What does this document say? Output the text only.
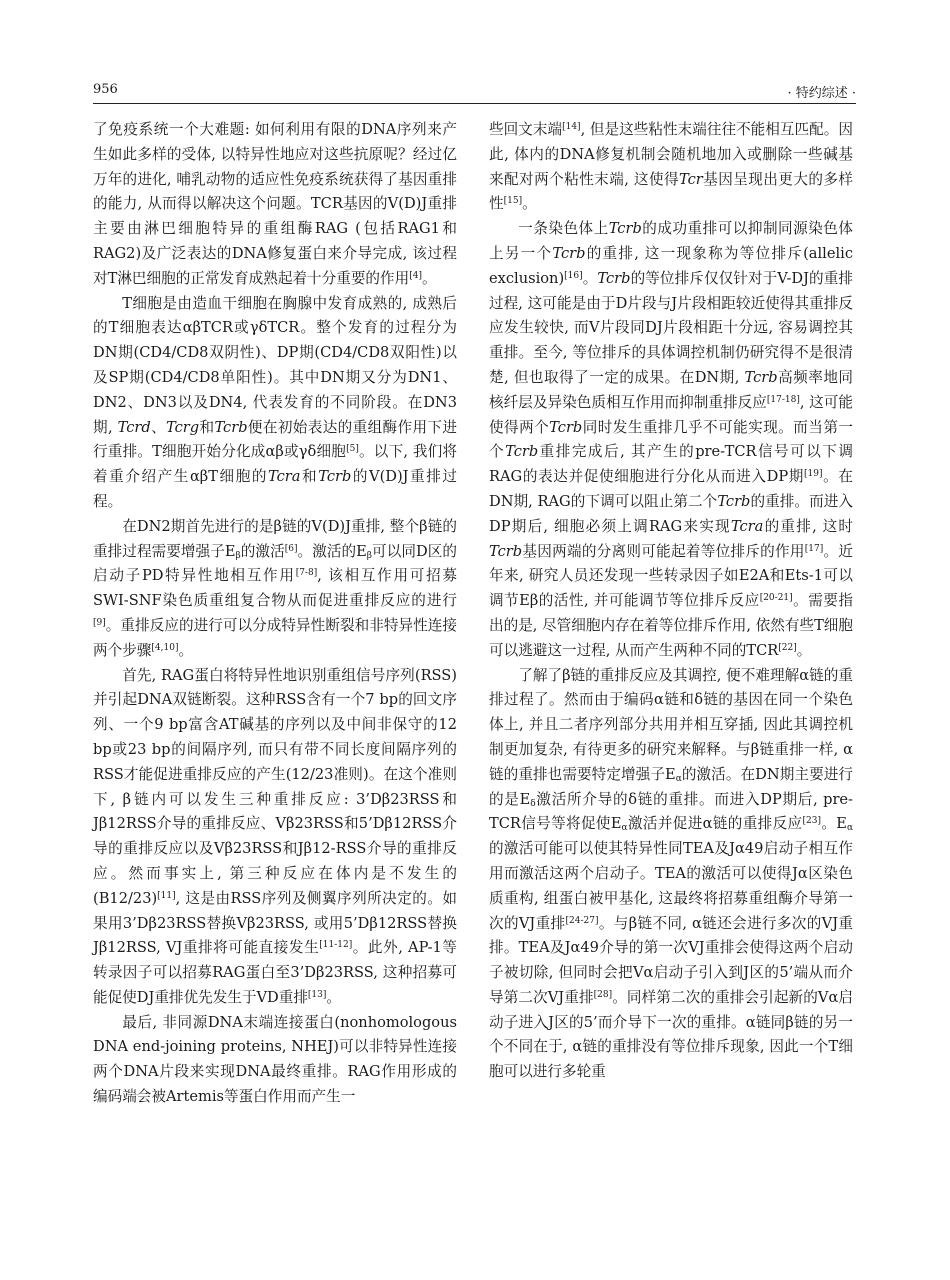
956	· 特约综述 ·

了免疫系统一个大难题: 如何利用有限的DNA序列来产生如此多样的受体, 以特异性地应对这些抗原呢？经过亿万年的进化, 哺乳动物的适应性免疫系统获得了基因重排的能力, 从而得以解决这个问题。TCR基因的V(D)J重排主要由淋巴细胞特异的重组酶RAG (包括RAG1和RAG2)及广泛表达的DNA修复蛋白来介导完成, 该过程对T淋巴细胞的正常发育成熟起着十分重要的作用[4]。

T细胞是由造血干细胞在胸腺中发育成熟的, 成熟后的T细胞表达αβTCR或γδTCR。整个发育的过程分为DN期(CD4/CD8双阴性)、DP期(CD4/CD8双阳性)以及SP期(CD4/CD8单阳性)。其中DN期又分为DN1、DN2、DN3以及DN4, 代表发育的不同阶段。在DN3期, Tcrd、Tcrg和Tcrb便在初始表达的重组酶作用下进行重排。T细胞开始分化成αβ或γδ细胞[5]。以下, 我们将着重介绍产生αβT细胞的Tcra和Tcrb的V(D)J重排过程。

在DN2期首先进行的是β链的V(D)J重排, 整个β链的重排过程需要增强子$E_\beta$的激活[6]。激活的$E_\beta$可以同D区的启动子PD特异性地相互作用[7-8], 该相互作用可招募SWI-SNF染色质重组复合物从而促进重排反应的进行[9]。重排反应的进行可以分成特异性断裂和非特异性连接两个步骤[4,10]。

首先, RAG蛋白将特异性地识别重组信号序列(RSS)并引起DNA双链断裂。这种RSS含有一个7 bp的回文序列、一个9 bp富含AT碱基的序列以及中间非保守的12 bp或23 bp的间隔序列, 而只有带不同长度间隔序列的RSS才能促进重排反应的产生(12/23准则)。在这个准则下, β链内可以发生三种重排反应: 3’Dβ23RSS和Jβ12RSS介导的重排反应、Vβ23RSS和5’Dβ12RSS介导的重排反应以及Vβ23RSS和Jβ12-RSS介导的重排反应。然而事实上, 第三种反应在体内是不发生的(B12/23)[11], 这是由RSS序列及侧翼序列所决定的。如果用3’Dβ23RSS替换Vβ23RSS, 或用5’Dβ12RSS替换Jβ12RSS, VJ重排将可能直接发生[11-12]。此外, AP-1等转录因子可以招募RAG蛋白至3’Dβ23RSS, 这种招募可能促使DJ重排优先发生于VD重排[13]。

最后, 非同源DNA末端连接蛋白(nonhomologous DNA end-joining proteins, NHEJ)可以非特异性连接两个DNA片段来实现DNA最终重排。RAG作用形成的编码端会被Artemis等蛋白作用而产生一

些回文末端[14], 但是这些粘性末端往往不能相互匹配。因此, 体内的DNA修复机制会随机地加入或删除一些碱基来配对两个粘性末端, 这使得Tcr基因呈现出更大的多样性[15]。

一条染色体上Tcrb的成功重排可以抑制同源染色体上另一个Tcrb的重排, 这一现象称为等位排斥(allelic exclusion)[16]。Tcrb的等位排斥仅仅针对于V-DJ的重排过程, 这可能是由于D片段与J片段相距较近使得其重排反应发生较快, 而V片段同DJ片段相距十分远, 容易调控其重排。至今, 等位排斥的具体调控机制仍研究得不是很清楚, 但也取得了一定的成果。在DN期, Tcrb高频率地同核纤层及异染色质相互作用而抑制重排反应[17-18], 这可能使得两个Tcrb同时发生重排几乎不可能实现。而当第一个Tcrb重排完成后, 其产生的pre-TCR信号可以下调RAG的表达并促使细胞进行分化从而进入DP期[19]。在DN期, RAG的下调可以阻止第二个Tcrb的重排。而进入DP期后, 细胞必须上调RAG来实现Tcra的重排, 这时Tcrb基因两端的分离则可能起着等位排斥的作用[17]。近年来, 研究人员还发现一些转录因子如E2A和Ets-1可以调节Eβ的活性, 并可能调节等位排斥反应[20-21]。需要指出的是, 尽管细胞内存在着等位排斥作用, 依然有些T细胞可以逃避这一过程, 从而产生两种不同的TCR[22]。

了解了β链的重排反应及其调控, 便不难理解α链的重排过程了。然而由于编码α链和δ链的基因在同一个染色体上, 并且二者序列部分共用并相互穿插, 因此其调控机制更加复杂, 有待更多的研究来解释。与β链重排一样, α链的重排也需要特定增强子$E_\alpha$的激活。在DN期主要进行的是$E_\delta$激活所介导的δ链的重排。而进入DP期后, pre-TCR信号等将促使$E_\alpha$激活并促进α链的重排反应[23]。$E_\alpha$的激活可能可以使其特异性同TEA及Jα49启动子相互作用而激活这两个启动子。TEA的激活可以使得Jα区染色质重构, 组蛋白被甲基化, 这最终将招募重组酶介导第一次的VJ重排[24-27]。与β链不同, α链还会进行多次的VJ重排。TEA及Jα49介导的第一次VJ重排会使得这两个启动子被切除, 但同时会把Vα启动子引入到J区的5’端从而介导第二次VJ重排[28]。同样第二次的重排会引起新的Vα启动子进入J区的5’而介导下一次的重排。α链同β链的另一个不同在于, α链的重排没有等位排斥现象, 因此一个T细胞可以进行多轮重
